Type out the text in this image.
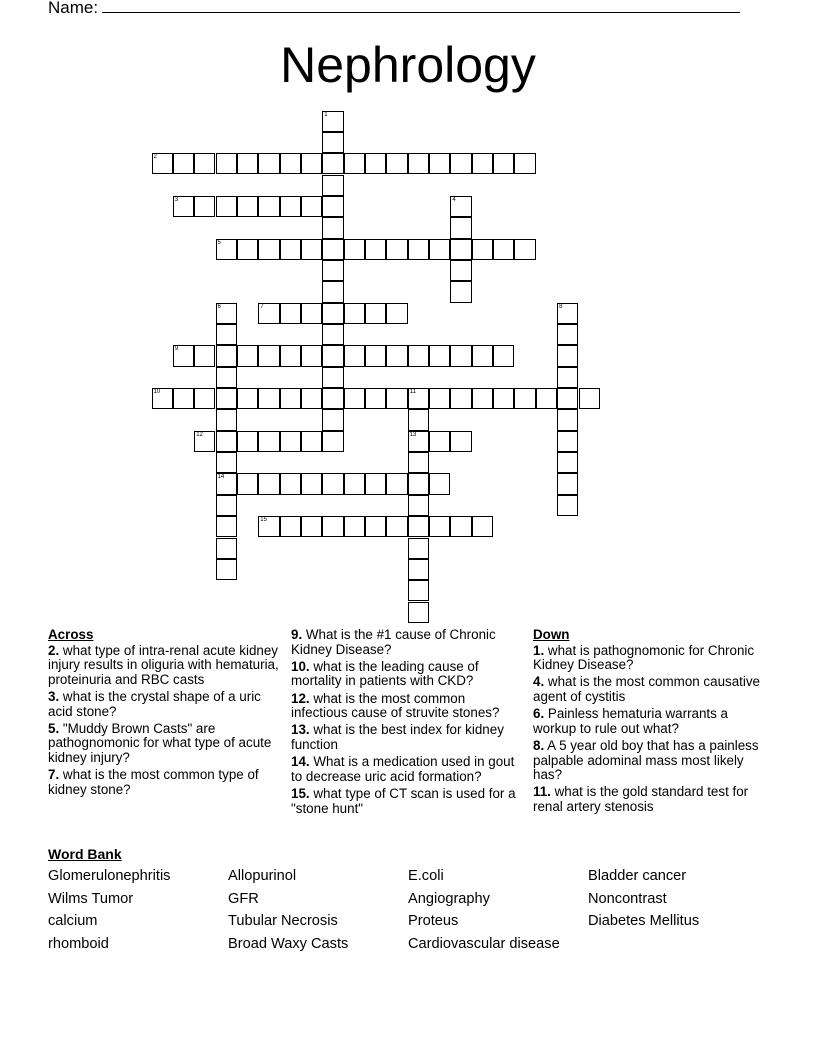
Name:
Nephrology
1
2
3	4
5
6
14
7	8
9
10	11
13
12
15
Across
2. what type of intra-renal acute kidney injury results in oliguria with hematuria, proteinuria and RBC casts
3. what is the crystal shape of a uric acid stone?
5. "Muddy Brown Casts" are pathognomonic for what type of acute kidney injury?
7. what is the most common type of kidney stone?
9. What is the #1 cause of Chronic Kidney Disease?
10. what is the leading cause of mortality in patients with CKD?
12. what is the most common infectious cause of struvite stones?
13. what is the best index for kidney function
14. What is a medication used in gout to decrease uric acid formation?
15. what type of CT scan is used for a "stone hunt"
Down
1. what is pathognomonic for Chronic Kidney Disease?
4. what is the most common causative agent of cystitis
6. Painless hematuria warrants a workup to rule out what?
8. A 5 year old boy that has a painless palpable adominal mass most likely has?
11. what is the gold standard test for renal artery stenosis
Word Bank
Glomerulonephritis	Allopurinol	E.coli	Bladder cancer
Wilms Tumor	GFR	Angiography	Noncontrast
calcium	Tubular Necrosis	Proteus	Diabetes Mellitus
rhomboid	Broad Waxy Casts	Cardiovascular disease
